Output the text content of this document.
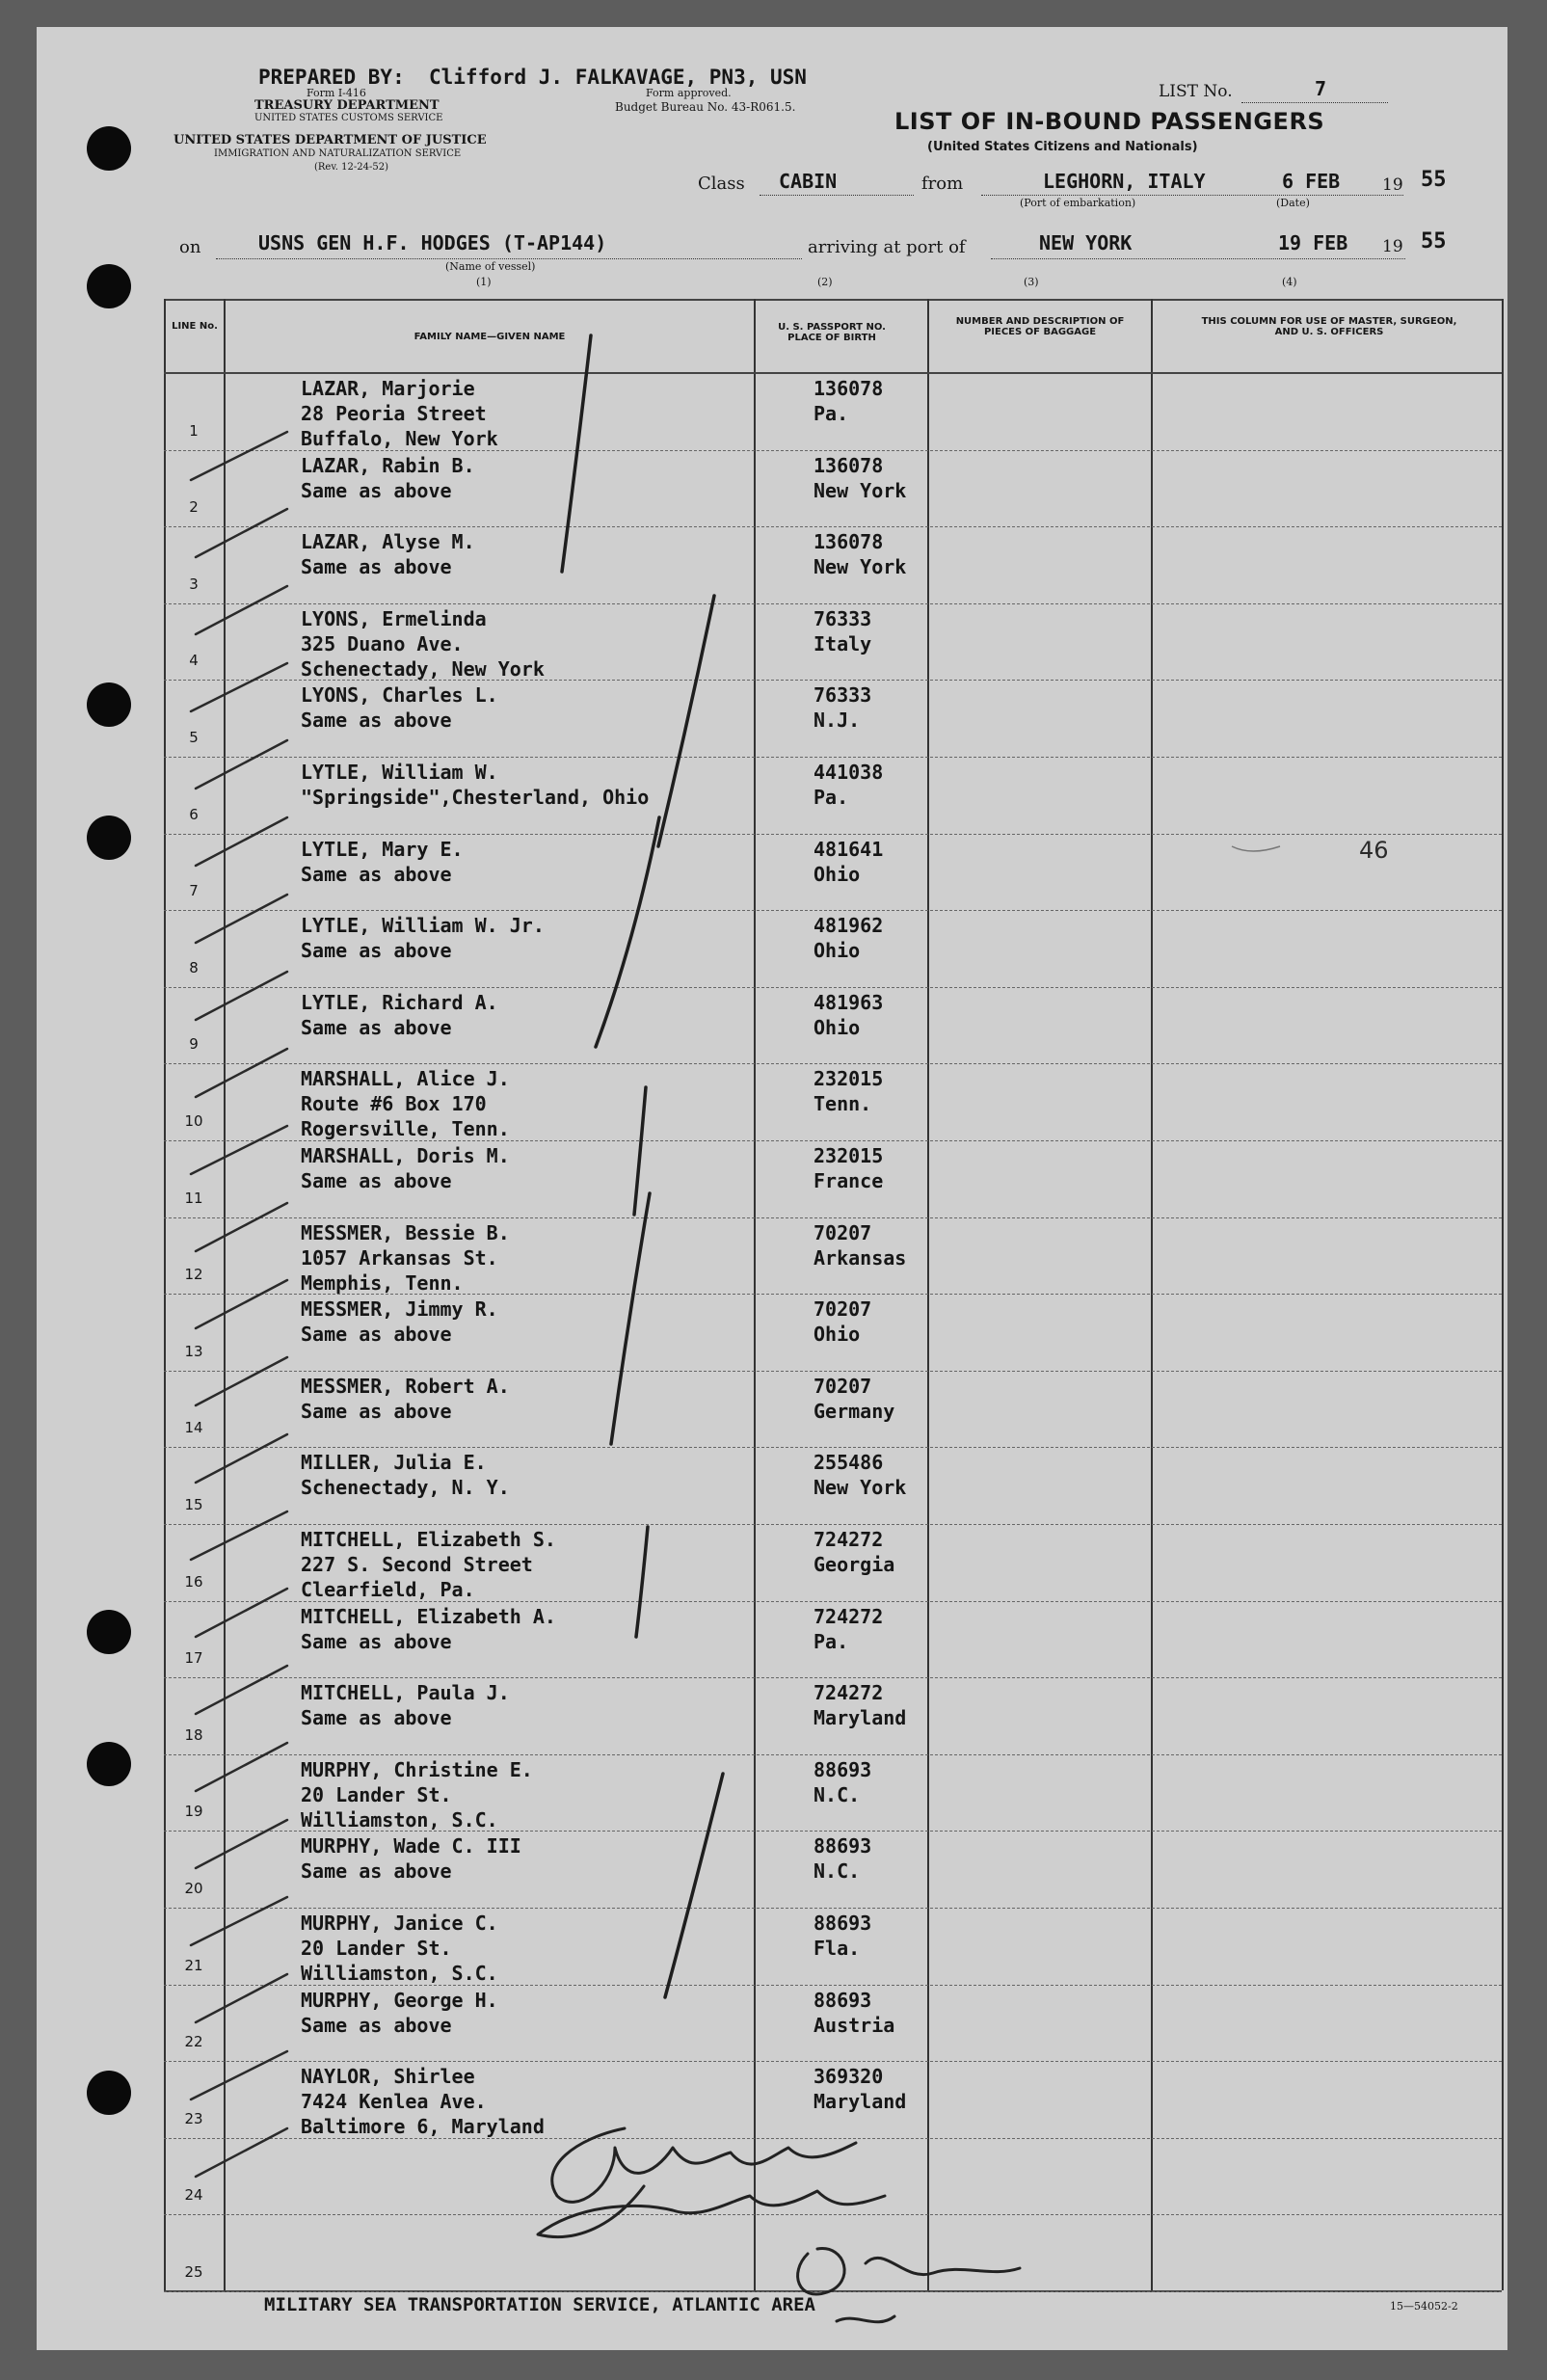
PREPARED BY:  Clifford J. FALKAVAGE, PN3, USN
Form I-416	Form approved.
TREASURY DEPARTMENT	Budget Bureau No. 43-R061.5.
UNITED STATES CUSTOMS SERVICE
UNITED STATES DEPARTMENT OF JUSTICE
IMMIGRATION AND NATURALIZATION SERVICE
(Rev. 12-24-52)
LIST No.	7
LIST OF IN-BOUND PASSENGERS
(United States Citizens and Nationals)
Class CABIN	from	LEGHORN, ITALY	6 FEB	19 55
(Port of embarkation)	(Date)
on	USNS GEN H.F. HODGES (T-AP144)
(Name of vessel)
arriving at port of	NEW YORK	19 FEB 19 55
(1)	(2)	(3)	(4)
LINE No.
FAMILY NAME—GIVEN NAME
U. S. PASSPORT NO. PLACE OF BIRTH
NUMBER AND DESCRIPTION OF PIECES OF BAGGAGE
THIS COLUMN FOR USE OF MASTER, SURGEON, AND U. S. OFFICERS
1
LAZAR, Marjorie
28 Peoria Street
Buffalo, New York
136078
Pa.
2
LAZAR, Rabin B.
Same as above
136078
New York
3
LAZAR, Alyse M.
Same as above
136078
New York
4
LYONS, Ermelinda
325 Duano Ave.
Schenectady, New York
76333
Italy
5
LYONS, Charles L.
Same as above
76333
N.J.
6
LYTLE, William W.
"Springside",Chesterland, Ohio
441038
Pa.
7
LYTLE, Mary E.
Same as above
481641
Ohio
8
LYTLE, William W. Jr.
Same as above
481962
Ohio
9
LYTLE, Richard A.
Same as above
481963
Ohio
10
MARSHALL, Alice J.
Route #6 Box 170
Rogersville, Tenn.
232015
Tenn.
11
MARSHALL, Doris M.
Same as above
232015
France
12
MESSMER, Bessie B.
1057 Arkansas St.
Memphis, Tenn.
70207
Arkansas
13
MESSMER, Jimmy R.
Same as above
70207
Ohio
14
MESSMER, Robert A.
Same as above
70207
Germany
15
MILLER, Julia E.
Schenectady, N. Y.
255486
New York
16
MITCHELL, Elizabeth S.
227 S. Second Street
Clearfield, Pa.
724272
Georgia
17
MITCHELL, Elizabeth A.
Same as above
724272
Pa.
18
MITCHELL, Paula J.
Same as above
724272
Maryland
19
MURPHY, Christine E.
20 Lander St.
Williamston, S.C.
88693
N.C.
20
MURPHY, Wade C. III
Same as above
88693
N.C.
21
MURPHY, Janice C.
20 Lander St.
Williamston, S.C.
88693
Fla.
22
MURPHY, George H.
Same as above
88693
Austria
23
NAYLOR, Shirlee
7424 Kenlea Ave.
Baltimore 6, Maryland
369320
Maryland
24
25
46
MILITARY SEA TRANSPORTATION SERVICE, ATLANTIC AREA	15—54052-2
